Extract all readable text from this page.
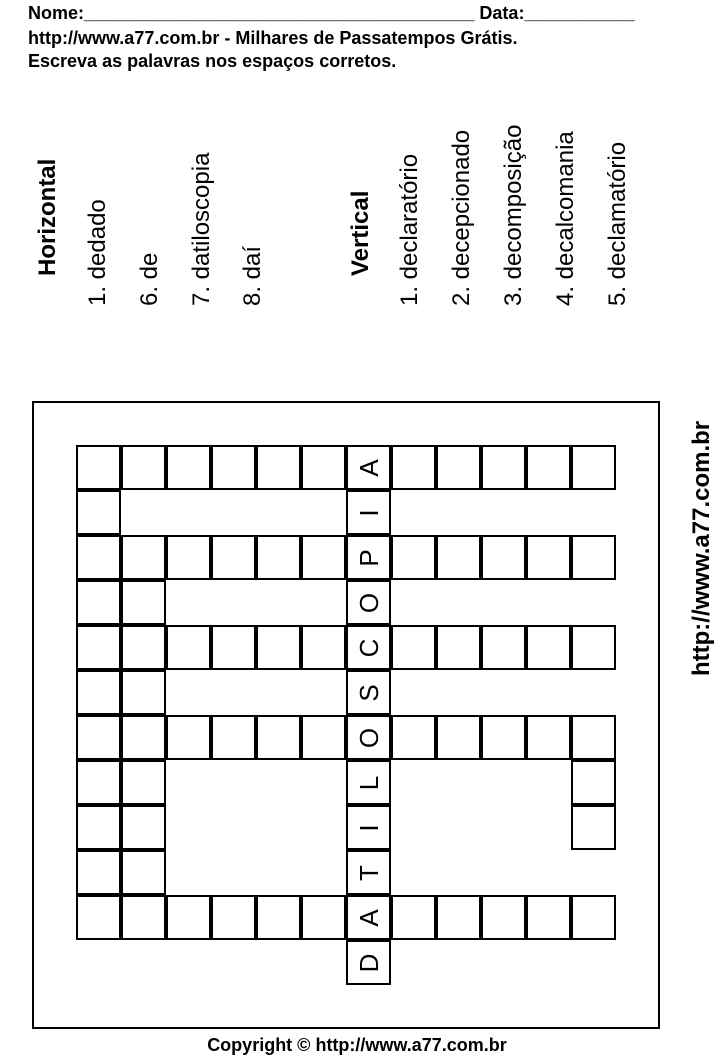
Nome:_______________________________________ Data:___________
http://www.a77.com.br - Milhares de Passatempos Grátis.
Escreva as palavras nos espaços corretos.
Horizontal 1. dedado 6. de 7. datiloscopia 8. daí	Vertical 1. declaratório 2. decepcionado 3. decomposição 4. decalcomania 5. declamatório
A
I
P
O
C
S
O
L
I
T
A
D
http://www.a77.com.br
Copyright © http://www.a77.com.br
